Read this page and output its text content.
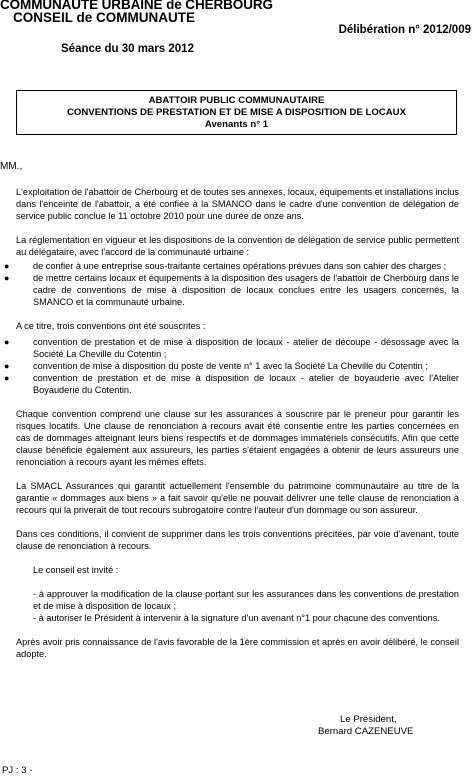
COMMUNAUTE URBAINE de CHERBOURG
CONSEIL de COMMUNAUTE
Délibération n° 2012/009
Séance du 30 mars 2012
ABATTOIR PUBLIC COMMUNAUTAIRE
CONVENTIONS DE PRESTATION ET DE MISE A DISPOSITION DE LOCAUX
Avenants n° 1
MM.,

L'exploitation de l'abattoir de Cherbourg et de toutes ses annexes, locaux, équipements et installations inclus dans l'enceinte de l'abattoir, a été confiée à la SMANCO dans le cadre d'une convention de délégation de service public conclue le 11 octobre 2010 pour une durée de onze ans.

La réglementation en vigueur et les dispositions de la convention de délégation de service public permettent au délégataire, avec l'accord de la communauté urbaine :

●	de confier à une entreprise sous-traitante certaines opérations prévues dans son cahier des charges ;
●	de mettre certains locaux et équipements à la disposition des usagers de l'abattoir de Cherbourg dans le cadre de conventions de mise à disposition de locaux conclues entre les usagers concernés, la SMANCO et la communauté urbaine.

A ce titre, trois conventions ont été souscrites :

●	convention de prestation et de mise à disposition de locaux - atelier de découpe - désossage avec la Société La Cheville du Cotentin ;
●	convention de mise à disposition du poste de vente n° 1 avec la Société La Cheville du Cotentin ;
●	convention de prestation et de mise à disposition de locaux - atelier de boyauderie avec l'Atelier Boyauderie du Cotentin.

Chaque convention comprend une clause sur les assurances à souscrire par le preneur pour garantir les risques locatifs. Une clause de renonciation à recours avait été consentie entre les parties concernées en cas de dommages atteignant leurs biens respectifs et de dommages immatériels consécutifs. Afin que cette clause bénéficie également aux assureurs, les parties s'étaient engagées à obtenir de leurs assureurs une renonciation à recours ayant les mêmes effets.

La SMACL Assurances qui garantit actuellement l'ensemble du patrimoine communautaire au titre de la garantie « dommages aux biens » a fait savoir qu'elle ne pouvait délivrer une telle clause de renonciation à recours qui la priverait de tout recours subrogatoire contre l'auteur d'un dommage ou son assureur.

Dans ces conditions, il convient de supprimer dans les trois conventions précitées, par voie d'avenant, toute clause de renonciation à recours.

Le conseil est invité :

- à approuver la modification de la clause portant sur les assurances dans les conventions de prestation et de mise à disposition de locaux ;

- à autoriser le Président à intervenir à la signature d'un avenant n°1 pour chacune des conventions.

Après avoir pris connaissance de l'avis favorable de la 1ère commission et après en avoir délibéré, le conseil adopte.

Le Président,
Bernard CAZENEUVE
PJ : 3 -
